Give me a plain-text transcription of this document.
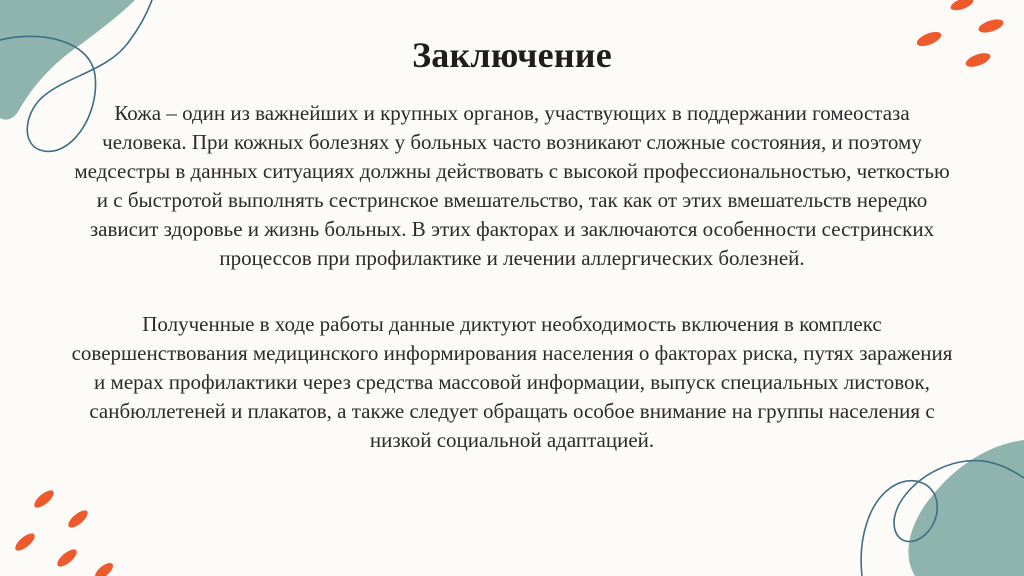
Заключение

Кожа – один из важнейших и крупных органов, участвующих в поддержании гомеостаза человека. При кожных болезнях у больных часто возникают сложные состояния, и поэтому медсестры в данных ситуациях должны действовать с высокой профессиональностью, четкостью и с быстротой выполнять сестринское вмешательство, так как от этих вмешательств нередко зависит здоровье и жизнь больных. В этих факторах и заключаются особенности сестринских процессов при профилактике и лечении аллергических болезней.

Полученные в ходе работы данные диктуют необходимость включения в комплекс совершенствования медицинского информирования населения о факторах риска, путях заражения и мерах профилактики через средства массовой информации, выпуск специальных листовок, санбюллетеней и плакатов, а также следует обращать особое внимание на группы населения с низкой социальной адаптацией.
